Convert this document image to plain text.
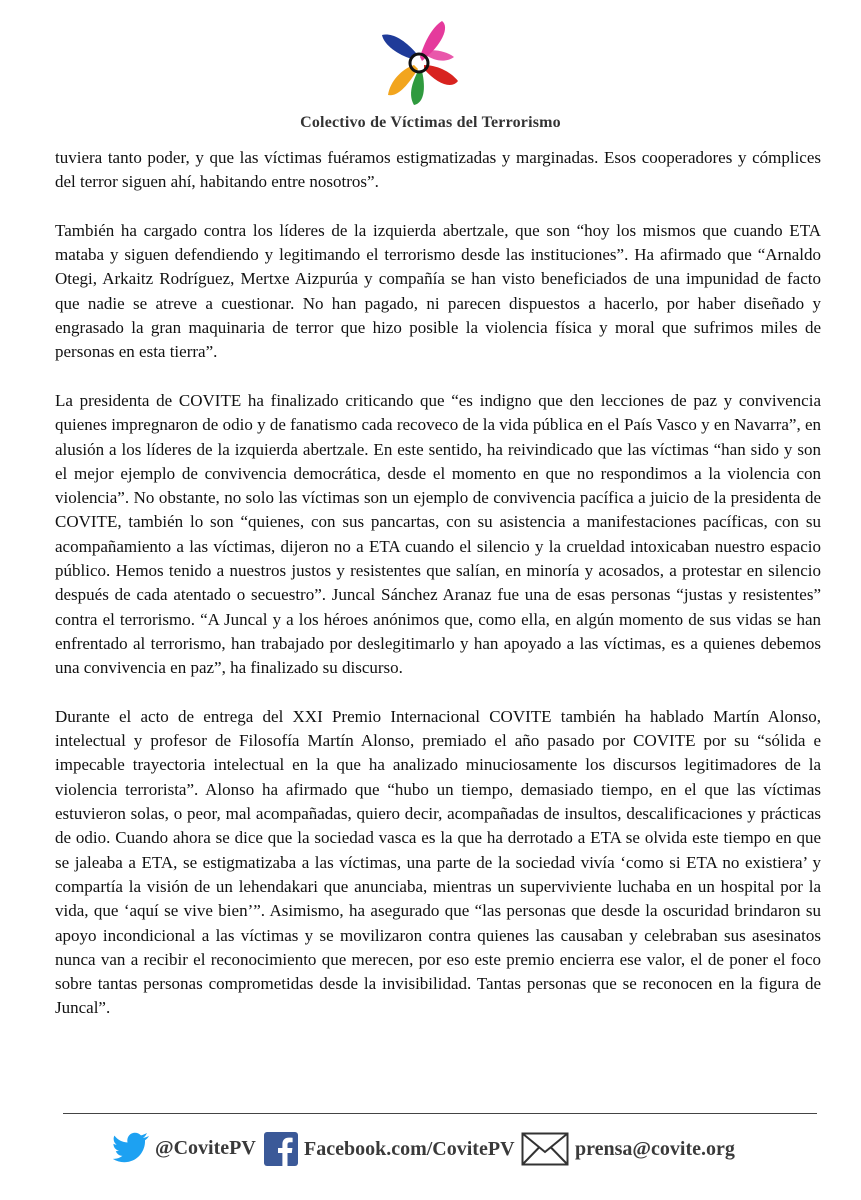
Colectivo de Víctimas del Terrorismo

tuviera tanto poder, y que las víctimas fuéramos estigmatizadas y marginadas. Esos cooperadores y cómplices del terror siguen ahí, habitando entre nosotros”.

También ha cargado contra los líderes de la izquierda abertzale, que son “hoy los mismos que cuando ETA mataba y siguen defendiendo y legitimando el terrorismo desde las instituciones”. Ha afirmado que “Arnaldo Otegi, Arkaitz Rodríguez, Mertxe Aizpurúa y compañía se han visto beneficiados de una impunidad de facto que nadie se atreve a cuestionar. No han pagado, ni parecen dispuestos a hacerlo, por haber diseñado y engrasado la gran maquinaria de terror que hizo posible la violencia física y moral que sufrimos miles de personas en esta tierra”.

La presidenta de COVITE ha finalizado criticando que “es indigno que den lecciones de paz y convivencia quienes impregnaron de odio y de fanatismo cada recoveco de la vida pública en el País Vasco y en Navarra”, en alusión a los líderes de la izquierda abertzale. En este sentido, ha reivindicado que las víctimas “han sido y son el mejor ejemplo de convivencia democrática, desde el momento en que no respondimos a la violencia con violencia”. No obstante, no solo las víctimas son un ejemplo de convivencia pacífica a juicio de la presidenta de COVITE, también lo son “quienes, con sus pancartas, con su asistencia a manifestaciones pacíficas, con su acompañamiento a las víctimas, dijeron no a ETA cuando el silencio y la crueldad intoxicaban nuestro espacio público. Hemos tenido a nuestros justos y resistentes que salían, en minoría y acosados, a protestar en silencio después de cada atentado o secuestro”. Juncal Sánchez Aranaz fue una de esas personas “justas y resistentes” contra el terrorismo. “A Juncal y a los héroes anónimos que, como ella, en algún momento de sus vidas se han enfrentado al terrorismo, han trabajado por deslegitimarlo y han apoyado a las víctimas, es a quienes debemos una convivencia en paz”, ha finalizado su discurso.

Durante el acto de entrega del XXI Premio Internacional COVITE también ha hablado Martín Alonso, intelectual y profesor de Filosofía Martín Alonso, premiado el año pasado por COVITE por su “sólida e impecable trayectoria intelectual en la que ha analizado minuciosamente los discursos legitimadores de la violencia terrorista”. Alonso ha afirmado que “hubo un tiempo, demasiado tiempo, en el que las víctimas estuvieron solas, o peor, mal acompañadas, quiero decir, acompañadas de insultos, descalificaciones y prácticas de odio. Cuando ahora se dice que la sociedad vasca es la que ha derrotado a ETA se olvida este tiempo en que se jaleaba a ETA, se estigmatizaba a las víctimas, una parte de la sociedad vivía ‘como si ETA no existiera’ y compartía la visión de un lehendakari que anunciaba, mientras un superviviente luchaba en un hospital por la vida, que ‘aquí se vive bien’”. Asimismo, ha asegurado que “las personas que desde la oscuridad brindaron su apoyo incondicional a las víctimas y se movilizaron contra quienes las causaban y celebraban sus asesinatos nunca van a recibir el reconocimiento que merecen, por eso este premio encierra ese valor, el de poner el foco sobre tantas personas comprometidas desde la invisibilidad. Tantas personas que se reconocen en la figura de Juncal”.

@CovitePV Facebook.com/CovitePV	prensa@covite.org
